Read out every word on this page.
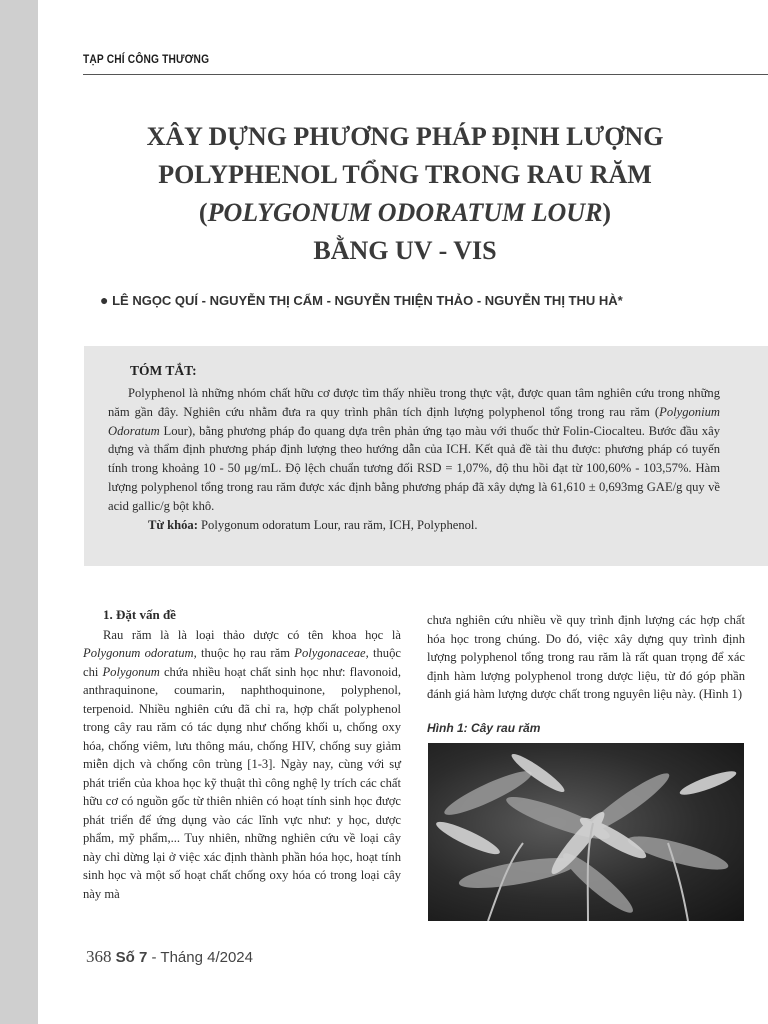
TẠP CHÍ CÔNG THƯƠNG
XÂY DỰNG PHƯƠNG PHÁP ĐỊNH LƯỢNG
POLYPHENOL TỔNG TRONG RAU RĂM
(POLYGONUM ODORATUM LOUR)
BẰNG UV - VIS
● LÊ NGỌC QUÍ - NGUYỄN THỊ CẨM - NGUYỄN THIỆN THẢO - NGUYỄN THỊ THU HÀ*
TÓM TẮT:

Polyphenol là những nhóm chất hữu cơ được tìm thấy nhiều trong thực vật, được quan tâm nghiên cứu trong những năm gần đây. Nghiên cứu nhằm đưa ra quy trình phân tích định lượng polyphenol tổng trong rau răm (Polygonium Odoratum Lour), bằng phương pháp đo quang dựa trên phản ứng tạo màu với thuốc thử Folin-Ciocalteu. Bước đầu xây dựng và thẩm định phương pháp định lượng theo hướng dẫn của ICH. Kết quả đề tài thu được: phương pháp có tuyến tính trong khoảng 10 - 50 μg/mL. Độ lệch chuẩn tương đối RSD = 1,07%, độ thu hồi đạt từ 100,60% - 103,57%. Hàm lượng polyphenol tổng trong rau răm được xác định bằng phương pháp đã xây dựng là 61,610 ± 0,693mg GAE/g quy về acid gallic/g bột khô.

Từ khóa: Polygonum odoratum Lour, rau răm, ICH, Polyphenol.

1. Đặt vấn đề

Rau răm là là loại thảo dược có tên khoa học là Polygonum odoratum, thuộc họ rau răm Polygonaceae, thuộc chi Polygonum chứa nhiều hoạt chất sinh học như: flavonoid, anthraquinone, coumarin, naphthoquinone, polyphenol, terpenoid. Nhiều nghiên cứu đã chỉ ra, hợp chất polyphenol trong cây rau răm có tác dụng như chống khối u, chống oxy hóa, chống viêm, lưu thông máu, chống HIV, chống suy giảm miễn dịch và chống côn trùng [1-3]. Ngày nay, cùng với sự phát triển của khoa học kỹ thuật thì công nghệ ly trích các chất hữu cơ có nguồn gốc từ thiên nhiên có hoạt tính sinh học được phát triển để ứng dụng vào các lĩnh vực như: y học, dược phẩm, mỹ phẩm,... Tuy nhiên, những nghiên cứu về loại cây này chỉ dừng lại ở việc xác định thành phần hóa học, hoạt tính sinh học và một số hoạt chất chống oxy hóa có trong loại cây này mà

chưa nghiên cứu nhiều về quy trình định lượng các hợp chất hóa học trong chúng. Do đó, việc xây dựng quy trình định lượng polyphenol tổng trong rau răm là rất quan trọng để xác định hàm lượng polyphenol trong dược liệu, từ đó góp phần đánh giá hàm lượng dược chất trong nguyên liệu này. (Hình 1)

Hình 1: Cây rau răm
368 Số 7 - Tháng 4/2024
